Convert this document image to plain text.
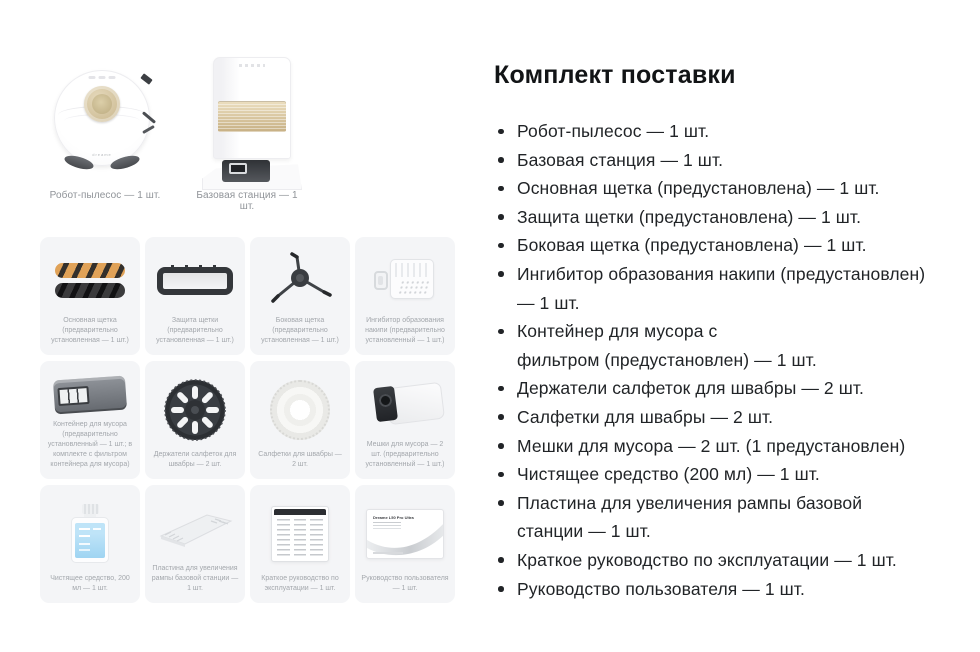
dreame
Робот-пылесос — 1 шт.	Базовая станция — 1 шт.
Основная щетка (предварительно установленная — 1 шт.)
Защита щетки (предварительно установленная — 1 шт.)
Боковая щетка (предварительно установленная — 1 шт.)
Ингибитор образования накипи (предварительно установленный — 1 шт.)
Контейнер для мусора (предварительно установленный — 1 шт.; в комплекте с фильтром контейнера для мусора)
Держатели салфеток для швабры — 2 шт.
Салфетки для швабры — 2 шт.
Мешки для мусора — 2 шт. (предварительно установленный — 1 шт.)
Чистящее средство, 200 мл — 1 шт.
Пластина для увеличения рампы базовой станции — 1 шт.
Краткое руководство по эксплуатации — 1 шт.
Dreame L50 Pro Ultra
Руководство пользователя — 1 шт.
Комплект поставки
Робот-пылесос — 1 шт.
Базовая станция — 1 шт.
Основная щетка (предустановлена) — 1 шт.
Защита щетки (предустановлена) — 1 шт.
Боковая щетка (предустановлена) — 1 шт.
Ингибитор образования накипи (предустановлен)
— 1 шт.
Контейнер для мусора с
фильтром (предустановлен) — 1 шт.
Держатели салфеток для швабры — 2 шт.
Салфетки для швабры — 2 шт.
Мешки для мусора — 2 шт. (1 предустановлен)
Чистящее средство (200 мл) — 1 шт.
Пластина для увеличения рампы базовой
станции — 1 шт.
Краткое руководство по эксплуатации — 1 шт.
Руководство пользователя — 1 шт.
